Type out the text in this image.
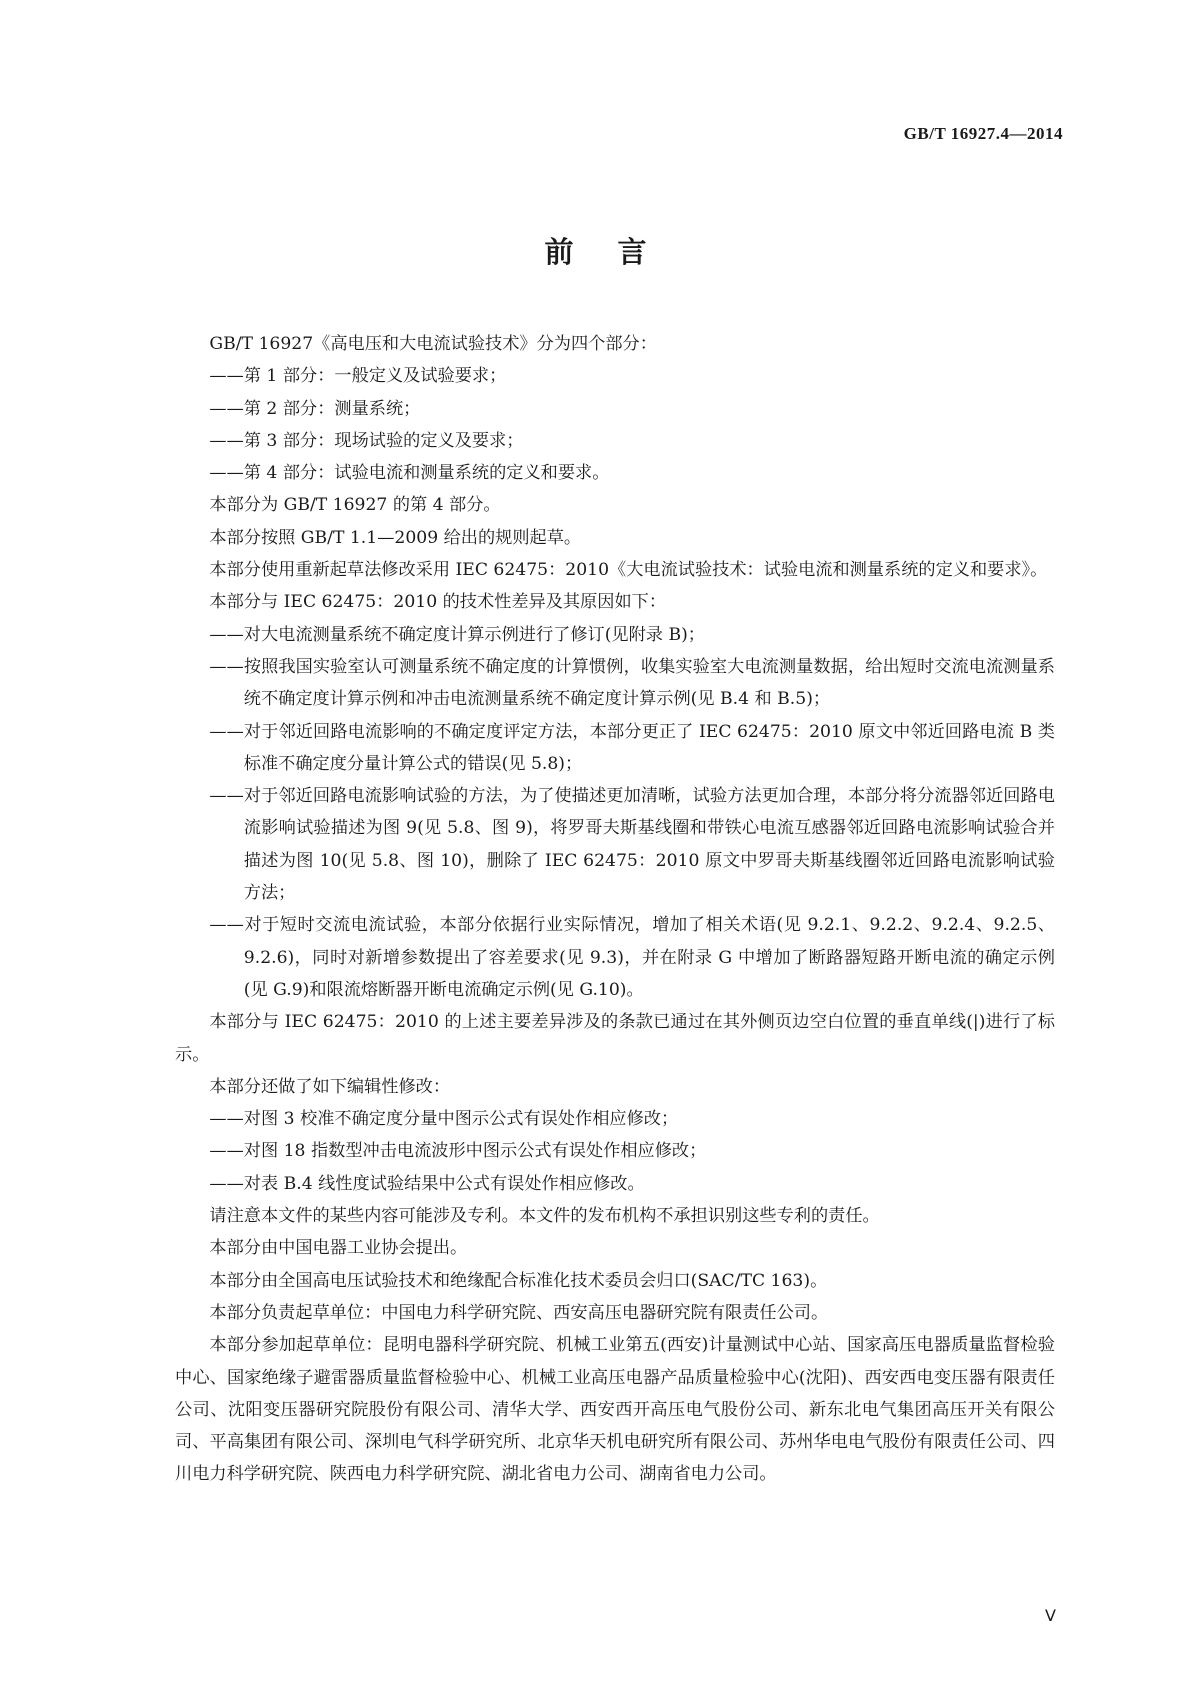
GB/T 16927.4—2014

前言

GB/T 16927《高电压和大电流试验技术》分为四个部分：

——第 1 部分：一般定义及试验要求；

——第 2 部分：测量系统；

——第 3 部分：现场试验的定义及要求；

——第 4 部分：试验电流和测量系统的定义和要求。

本部分为 GB/T 16927 的第 4 部分。

本部分按照 GB/T 1.1—2009 给出的规则起草。

本部分使用重新起草法修改采用 IEC 62475：2010《大电流试验技术：试验电流和测量系统的定义和要求》。

本部分与 IEC 62475：2010 的技术性差异及其原因如下：

——对大电流测量系统不确定度计算示例进行了修订(见附录 B)；

——按照我国实验室认可测量系统不确定度的计算惯例，收集实验室大电流测量数据，给出短时交流电流测量系统不确定度计算示例和冲击电流测量系统不确定度计算示例(见 B.4 和 B.5)；

——对于邻近回路电流影响的不确定度评定方法，本部分更正了 IEC 62475：2010 原文中邻近回路电流 B 类标准不确定度分量计算公式的错误(见 5.8)；

——对于邻近回路电流影响试验的方法，为了使描述更加清晰，试验方法更加合理，本部分将分流器邻近回路电流影响试验描述为图 9(见 5.8、图 9)，将罗哥夫斯基线圈和带铁心电流互感器邻近回路电流影响试验合并描述为图 10(见 5.8、图 10)，删除了 IEC 62475：2010 原文中罗哥夫斯基线圈邻近回路电流影响试验方法；

——对于短时交流电流试验，本部分依据行业实际情况，增加了相关术语(见 9.2.1、9.2.2、9.2.4、9.2.5、9.2.6)，同时对新增参数提出了容差要求(见 9.3)，并在附录 G 中增加了断路器短路开断电流的确定示例(见 G.9)和限流熔断器开断电流确定示例(见 G.10)。

本部分与 IEC 62475：2010 的上述主要差异涉及的条款已通过在其外侧页边空白位置的垂直单线(|)进行了标示。

本部分还做了如下编辑性修改：

——对图 3 校准不确定度分量中图示公式有误处作相应修改；

——对图 18 指数型冲击电流波形中图示公式有误处作相应修改；

——对表 B.4 线性度试验结果中公式有误处作相应修改。

请注意本文件的某些内容可能涉及专利。本文件的发布机构不承担识别这些专利的责任。

本部分由中国电器工业协会提出。

本部分由全国高电压试验技术和绝缘配合标准化技术委员会归口(SAC/TC 163)。

本部分负责起草单位：中国电力科学研究院、西安高压电器研究院有限责任公司。

本部分参加起草单位：昆明电器科学研究院、机械工业第五(西安)计量测试中心站、国家高压电器质量监督检验中心、国家绝缘子避雷器质量监督检验中心、机械工业高压电器产品质量检验中心(沈阳)、西安西电变压器有限责任公司、沈阳变压器研究院股份有限公司、清华大学、西安西开高压电气股份公司、新东北电气集团高压开关有限公司、平高集团有限公司、深圳电气科学研究所、北京华天机电研究所有限公司、苏州华电电气股份有限责任公司、四川电力科学研究院、陕西电力科学研究院、湖北省电力公司、湖南省电力公司。

Ⅴ
